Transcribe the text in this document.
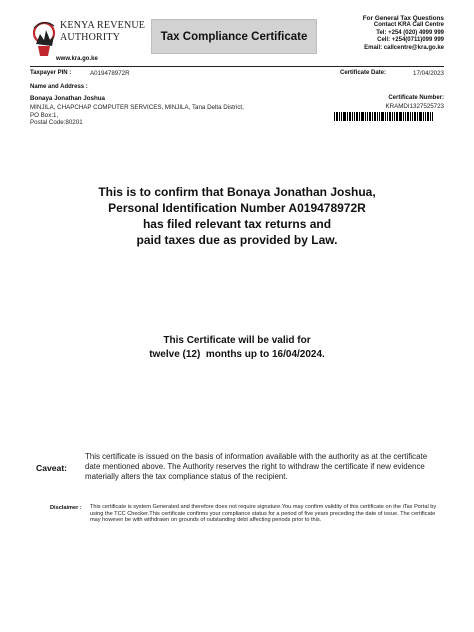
KENYA REVENUE
AUTHORITY	Tax Compliance Certificate
For General Tax Questions
Contact KRA Call Centre
Tel: +254 (020) 4999 999
Cell: +254(0711)099 999
Email: callcentre@kra.go.ke
www.kra.go.ke
Taxpayer PIN :	A019478972R	Certificate Date:	17/04/2023
Name and Address :
Bonaya Jonathan Joshua	Certificate Number:
KRAMDI1327525723
MINJILA, CHAPCHAP COMPUTER SERVICES, MINJILA, Tana Delta District,
PO Box:1,
Postal Code:80201
This is to confirm that Bonaya Jonathan Joshua,
Personal Identification Number A019478972R
has filed relevant tax returns and
paid taxes due as provided by Law.
This Certificate will be valid for
twelve (12)  months up to 16/04/2024.
Caveat:
This certificate is issued on the basis of information available with the authority as at the certificate date mentioned above. The Authority reserves the right to withdraw the certificate if new evidence materially alters the tax compliance status of the recipient.
Disclaimer : This certificate is system Generated and therefore does not require signature.You may confirm validity of this certificate on the iTax Portal by using the TCC Checker.This certificate confirms your compliance status for a period of five years preceding the date of issue. The certificate may however be with withdrawn on grounds of outstanding debt affecting periods prior to this.
